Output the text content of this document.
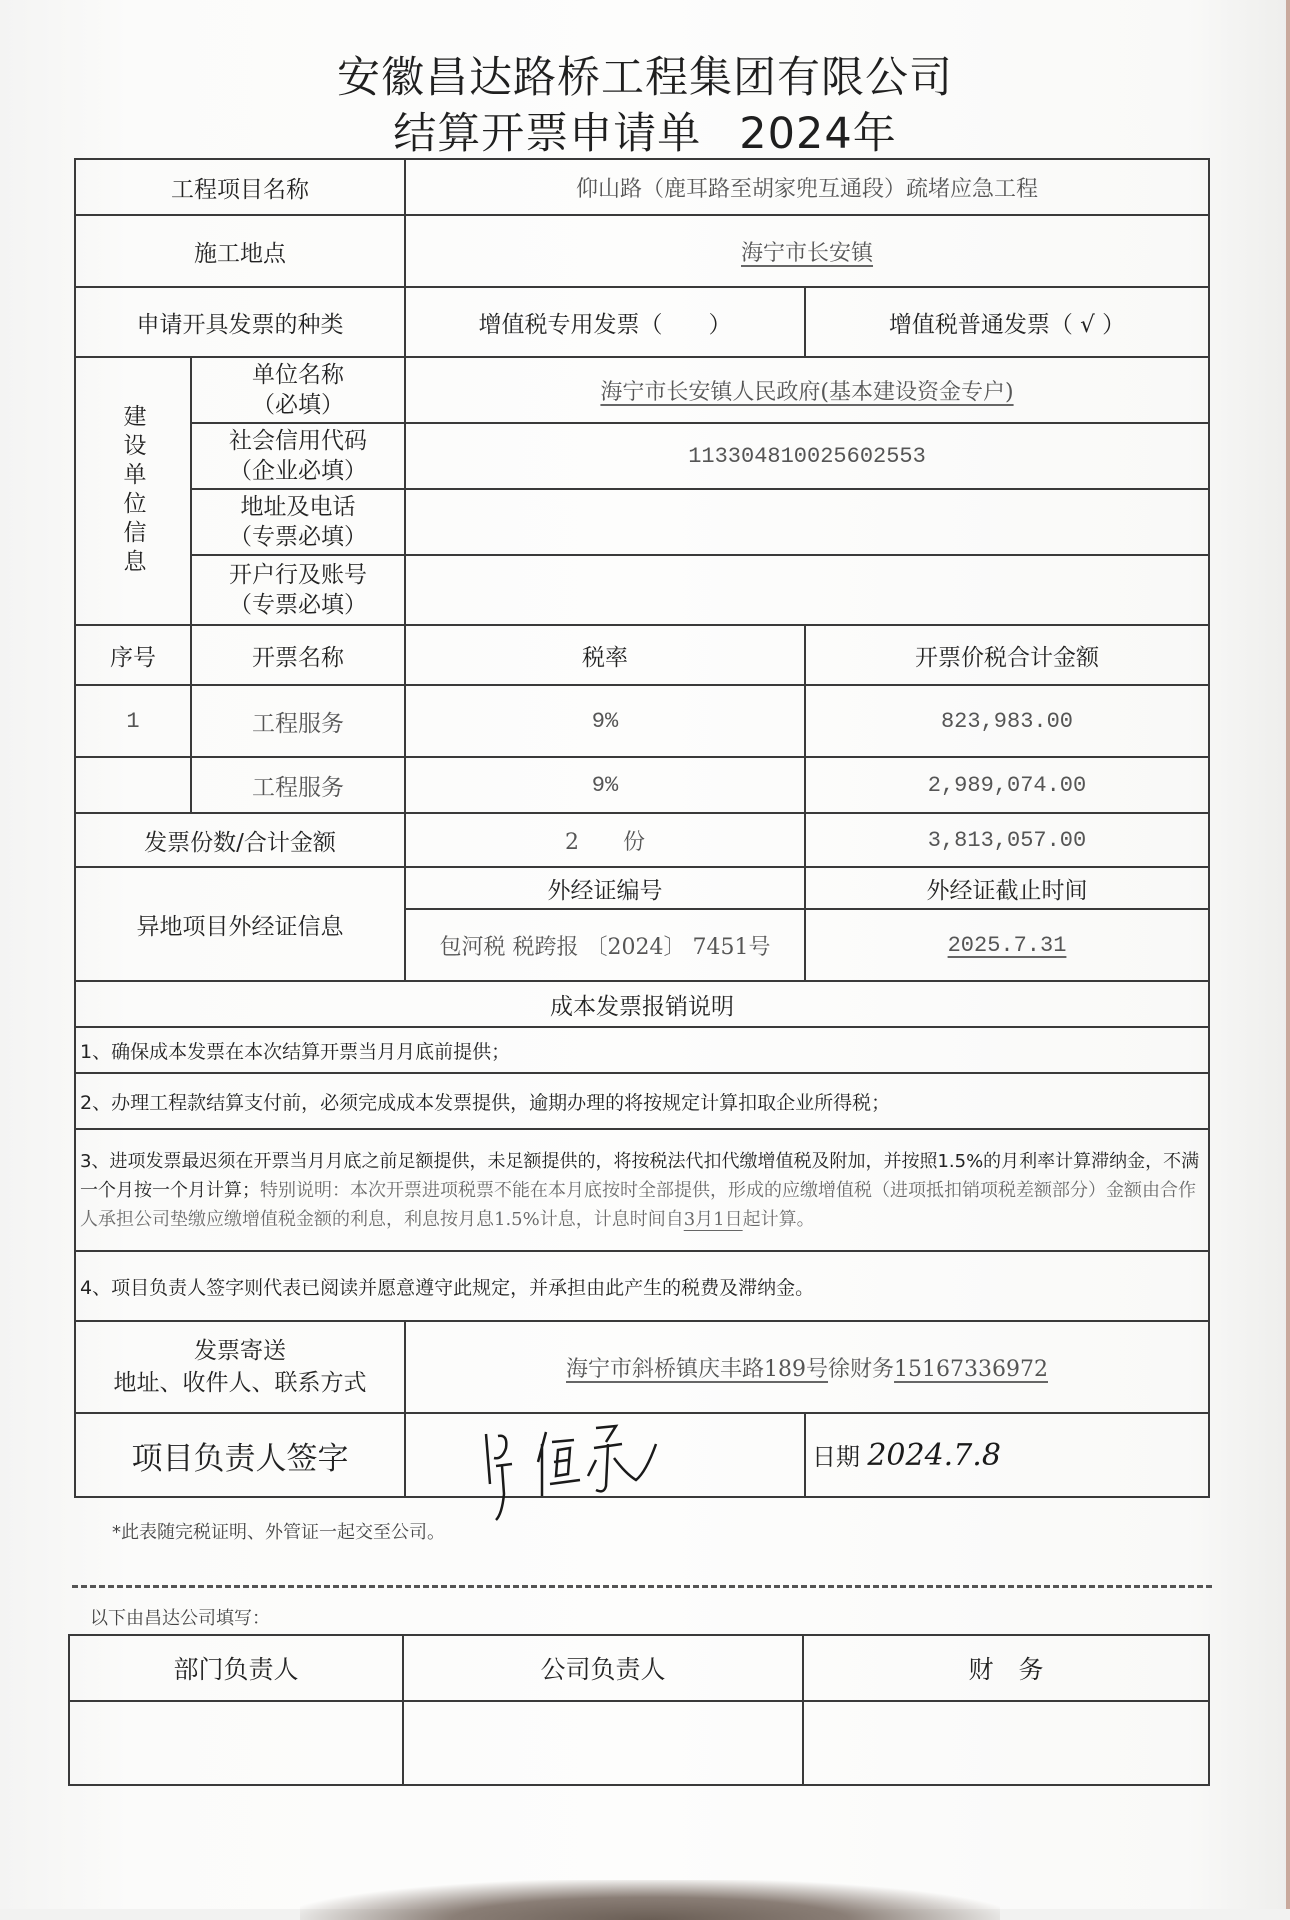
安徽昌达路桥工程集团有限公司
结算开票申请单 2024年
工程项目名称		仰山路（鹿耳路至胡家兜互通段）疏堵应急工程	
施工地点		海宁市长安镇	
申请开具发票的种类		增值税专用发票（　　）	增值税普通发票（ √ ）
建设单位信息	单位名称
（必填）	海宁市长安镇人民政府(基本建设资金专户)	
	社会信用代码
（企业必填）	11330481002560255​3	
	地址及电话
（专票必填）		
	开户行及账号
（专票必填）		
序号	开票名称	税率	开票价税合计金额
1	工程服务	9%	823,983.00
	工程服务	9%	2,989,074.00
发票份数/合计金额		2　　份	3,813,057.00
异地项目外经证信息		外经证编号	外经证截止时间
		包河税 税跨报 〔2024〕 7451号	2025.7.31
成本发票报销说明			
1、确保成本发票在本次结算开票当月月底前提供；			
2、办理工程款结算支付前，必须完成成本发票提供，逾期办理的将按规定计算扣取企业所得税；			
3、进项发票最迟须在开票当月月底之前足额提供，未足额提供的，将按税法代扣代缴增值税及附加，并按照1.5%的月利率计算滞纳金，不满一个月按一个月计算；特别说明：本次开票进项税票不能在本月底按时全部提供，形成的应缴增值税（进项抵扣销项税差额部分）金额由合作人承担公司垫缴应缴增值税金额的利息，利息按月息1.5%计息，计息时间自3月1日起计算。			
4、项目负责人签字则代表已阅读并愿意遵守此规定，并承担由此产生的税费及滞纳金。			
发票寄送
地址、收件人、联系方式		海宁市斜桥镇庆丰路189号徐财务15167336972	
项目负责人签字			日期 2024.7.8
*此表随完税证明、外管证一起交至公司。
以下由昌达公司填写：
部门负责人	公司负责人	财　务
